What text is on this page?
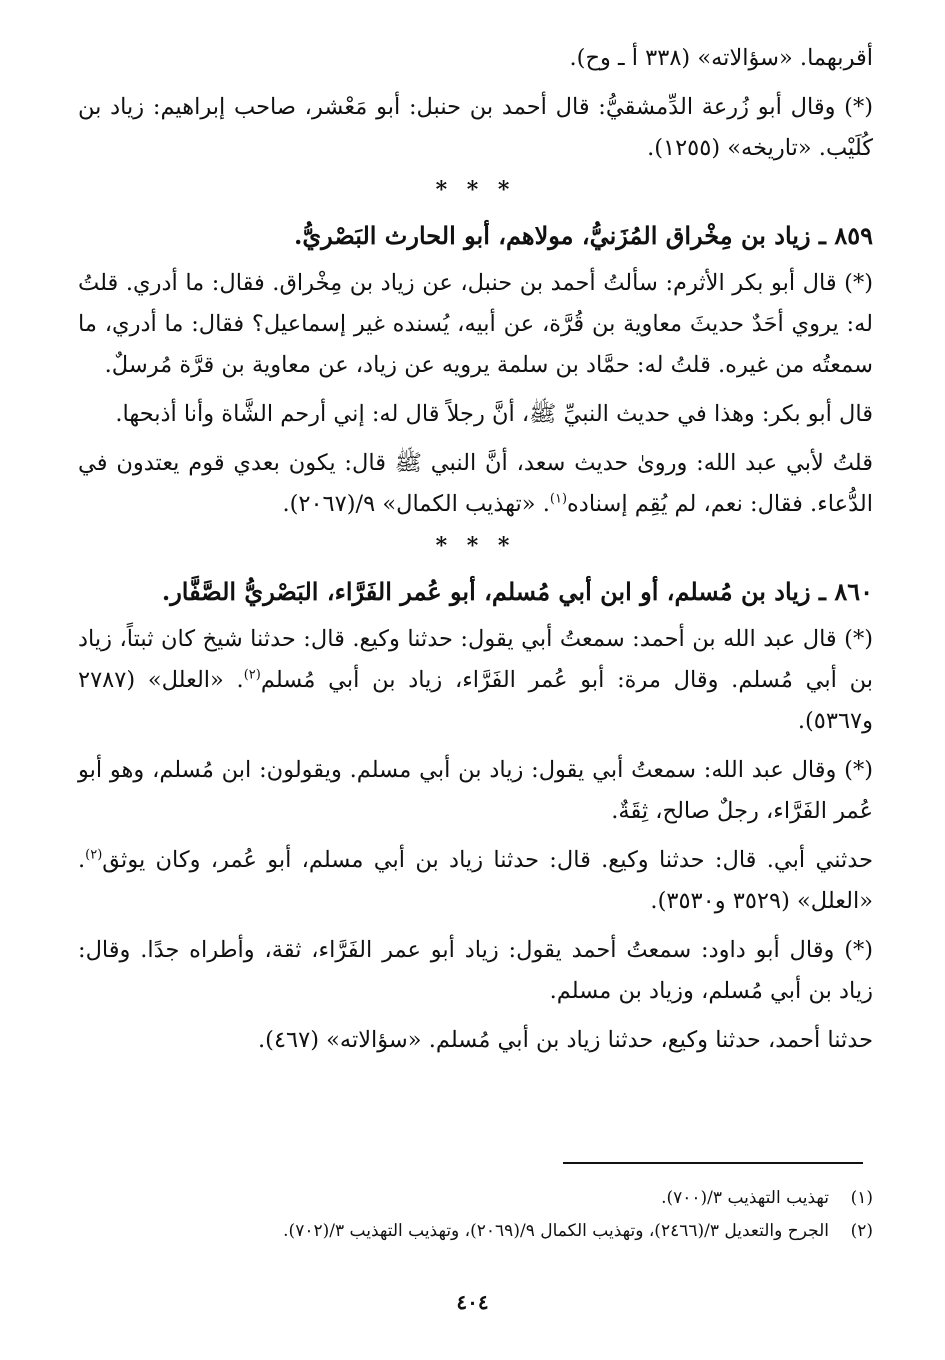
أقربهما. «سؤالاته» (٣٣٨ أ ـ وح).

(*) وقال أبو زُرعة الدِّمشقيُّ: قال أحمد بن حنبل: أبو مَعْشر، صاحب إبراهيم: زياد بن كُلَيْب. «تاريخه» (١٢٥٥).

* * *
٨٥٩ ـ زياد بن مِخْراق المُزَنيُّ، مولاهم، أبو الحارث البَصْريُّ.

(*) قال أبو بكر الأثرم: سألتُ أحمد بن حنبل، عن زياد بن مِخْراق. فقال: ما أدري. قلتُ له: يروي أحَدٌ حديثَ معاوية بن قُرَّة، عن أبيه، يُسنده غير إسماعيل؟ فقال: ما أدري، ما سمعتُه من غيره. قلتُ له: حمَّاد بن سلمة يرويه عن زياد، عن معاوية بن قرَّة مُرسلٌ.

قال أبو بكر: وهذا في حديث النبيِّ ﷺ، أنَّ رجلاً قال له: إني أرحم الشَّاة وأنا أذبحها.

قلتُ لأبي عبد الله: وروىٰ حديث سعد، أنَّ النبي ﷺ قال: يكون بعدي قوم يعتدون في الدُّعاء. فقال: نعم، لم يُقِم إسناده$^{(١)}$. «تهذيب الكمال» ٩/(٢٠٦٧).

* * *
٨٦٠ ـ زياد بن مُسلم، أو ابن أبي مُسلم، أبو عُمر الفَرَّاء، البَصْريُّ الصَّفَّار.

(*) قال عبد الله بن أحمد: سمعتُ أبي يقول: حدثنا وكيع. قال: حدثنا شيخ كان ثبتاً، زياد بن أبي مُسلم. وقال مرة: أبو عُمر الفَرَّاء، زياد بن أبي مُسلم$^{(٢)}$. «العلل» (٢٧٨٧ و٥٣٦٧).

(*) وقال عبد الله: سمعتُ أبي يقول: زياد بن أبي مسلم. ويقولون: ابن مُسلم، وهو أبو عُمر الفَرَّاء، رجلٌ صالح، ثِقَةٌ.

حدثني أبي. قال: حدثنا وكيع. قال: حدثنا زياد بن أبي مسلم، أبو عُمر، وكان يوثق$^{(٢)}$. «العلل» (٣٥٢٩ و٣٥٣٠).

(*) وقال أبو داود: سمعتُ أحمد يقول: زياد أبو عمر الفَرَّاء، ثقة، وأطراه جدًا. وقال: زياد بن أبي مُسلم، وزياد بن مسلم.

حدثنا أحمد، حدثنا وكيع، حدثنا زياد بن أبي مُسلم. «سؤالاته» (٤٦٧).

(١)تهذيب التهذيب ٣/(٧٠٠).
(٢)الجرح والتعديل ٣/(٢٤٦٦)، وتهذيب الكمال ٩/(٢٠٦٩)، وتهذيب التهذيب ٣/(٧٠٢).
٤٠٤
